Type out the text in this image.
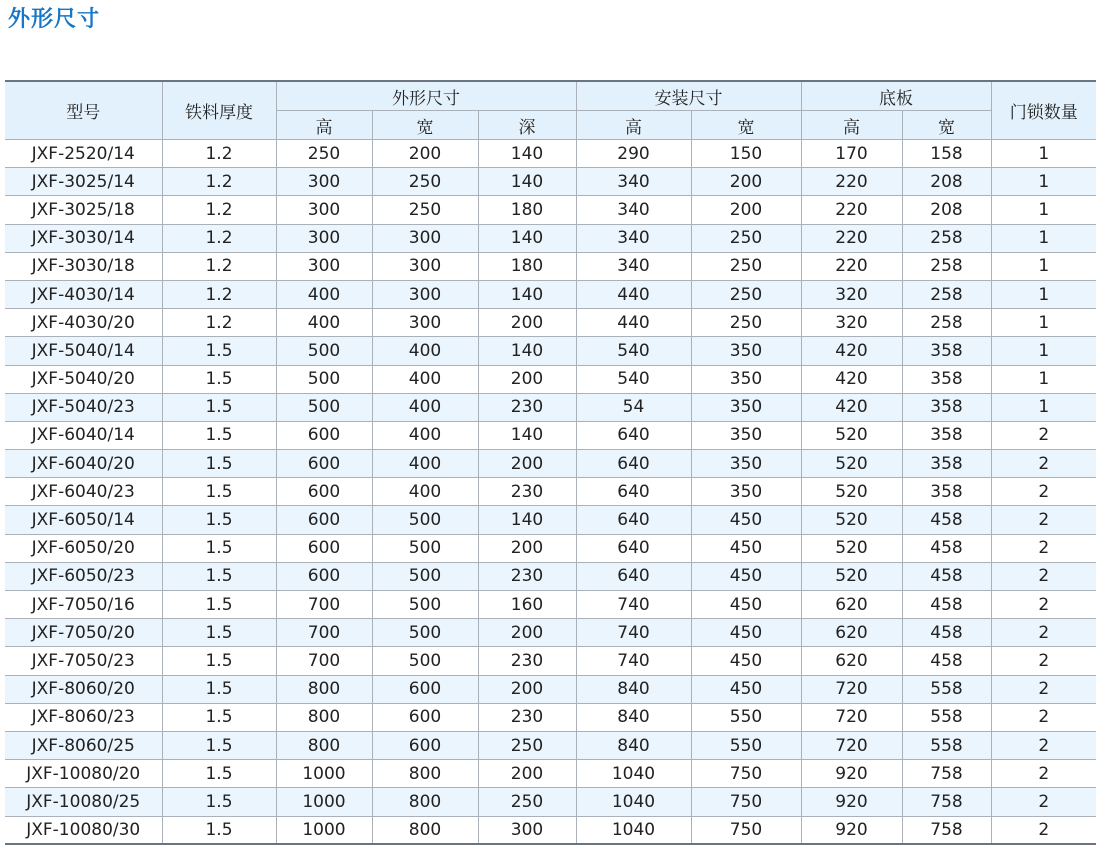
外形尺寸
型号	铁料厚度	外形尺寸			安装尺寸		底板		门锁数量
		高	宽	深	高	宽	高	宽	
JXF-2520/14	1.2	250	200	140	290	150	170	158	1
JXF-3025/14	1.2	300	250	140	340	200	220	208	1
JXF-3025/18	1.2	300	250	180	340	200	220	208	1
JXF-3030/14	1.2	300	300	140	340	250	220	258	1
JXF-3030/18	1.2	300	300	180	340	250	220	258	1
JXF-4030/14	1.2	400	300	140	440	250	320	258	1
JXF-4030/20	1.2	400	300	200	440	250	320	258	1
JXF-5040/14	1.5	500	400	140	540	350	420	358	1
JXF-5040/20	1.5	500	400	200	540	350	420	358	1
JXF-5040/23	1.5	500	400	230	54	350	420	358	1
JXF-6040/14	1.5	600	400	140	640	350	520	358	2
JXF-6040/20	1.5	600	400	200	640	350	520	358	2
JXF-6040/23	1.5	600	400	230	640	350	520	358	2
JXF-6050/14	1.5	600	500	140	640	450	520	458	2
JXF-6050/20	1.5	600	500	200	640	450	520	458	2
JXF-6050/23	1.5	600	500	230	640	450	520	458	2
JXF-7050/16	1.5	700	500	160	740	450	620	458	2
JXF-7050/20	1.5	700	500	200	740	450	620	458	2
JXF-7050/23	1.5	700	500	230	740	450	620	458	2
JXF-8060/20	1.5	800	600	200	840	450	720	558	2
JXF-8060/23	1.5	800	600	230	840	550	720	558	2
JXF-8060/25	1.5	800	600	250	840	550	720	558	2
JXF-10080/20	1.5	1000	800	200	1040	750	920	758	2
JXF-10080/25	1.5	1000	800	250	1040	750	920	758	2
JXF-10080/30	1.5	1000	800	300	1040	750	920	758	2
